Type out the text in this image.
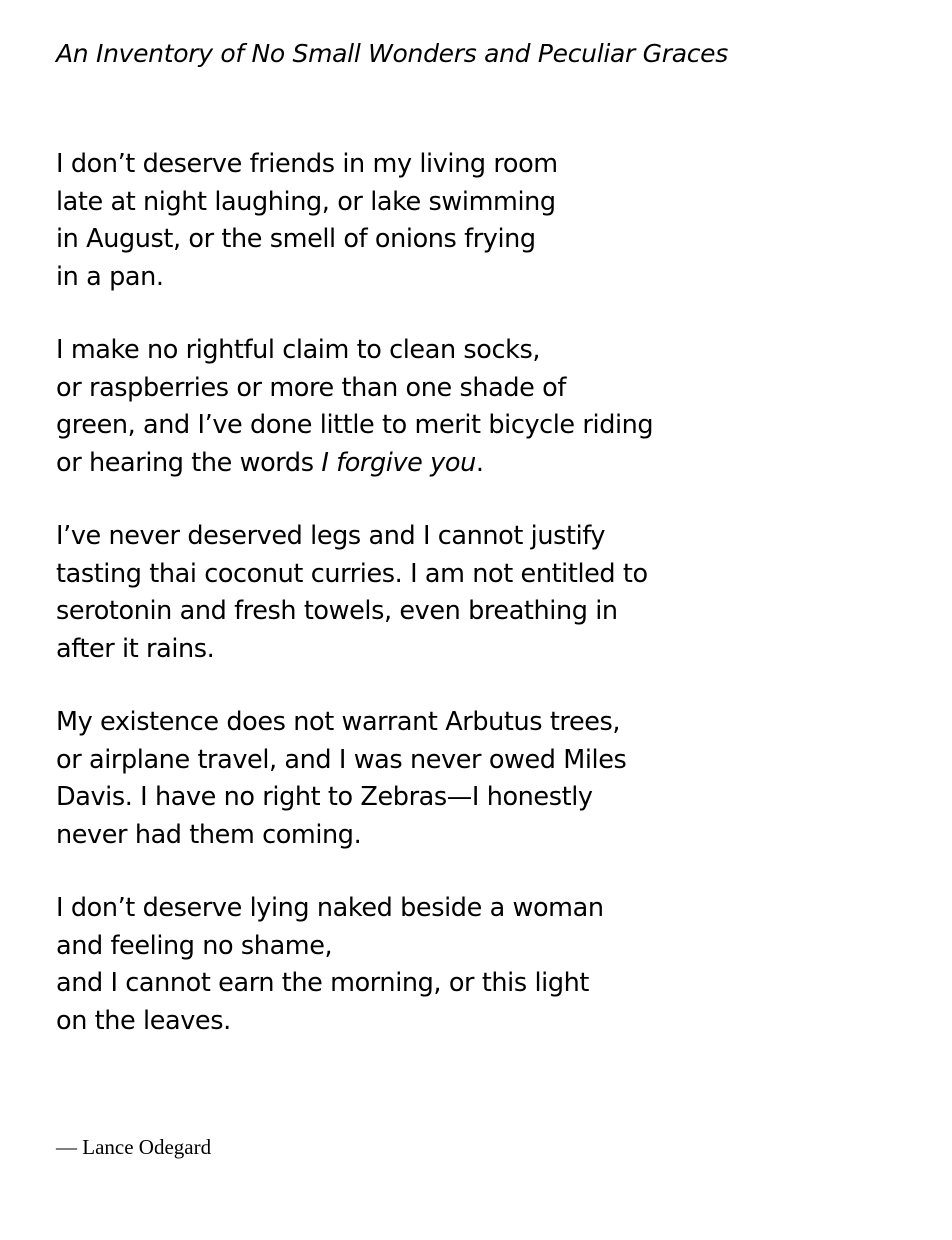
An Inventory of No Small Wonders and Peculiar Graces
I don’t deserve friends in my living room
late at night laughing, or lake swimming
in August, or the smell of onions frying
in a pan.
I make no rightful claim to clean socks,
or raspberries or more than one shade of
green, and I’ve done little to merit bicycle riding
or hearing the words I forgive you.
I’ve never deserved legs and I cannot justify
tasting thai coconut curries. I am not entitled to
serotonin and fresh towels, even breathing in
after it rains.
My existence does not warrant Arbutus trees,
or airplane travel, and I was never owed Miles
Davis. I have no right to Zebras—I honestly
never had them coming.
I don’t deserve lying naked beside a woman
and feeling no shame,
and I cannot earn the morning, or this light
on the leaves.
— Lance Odegard
